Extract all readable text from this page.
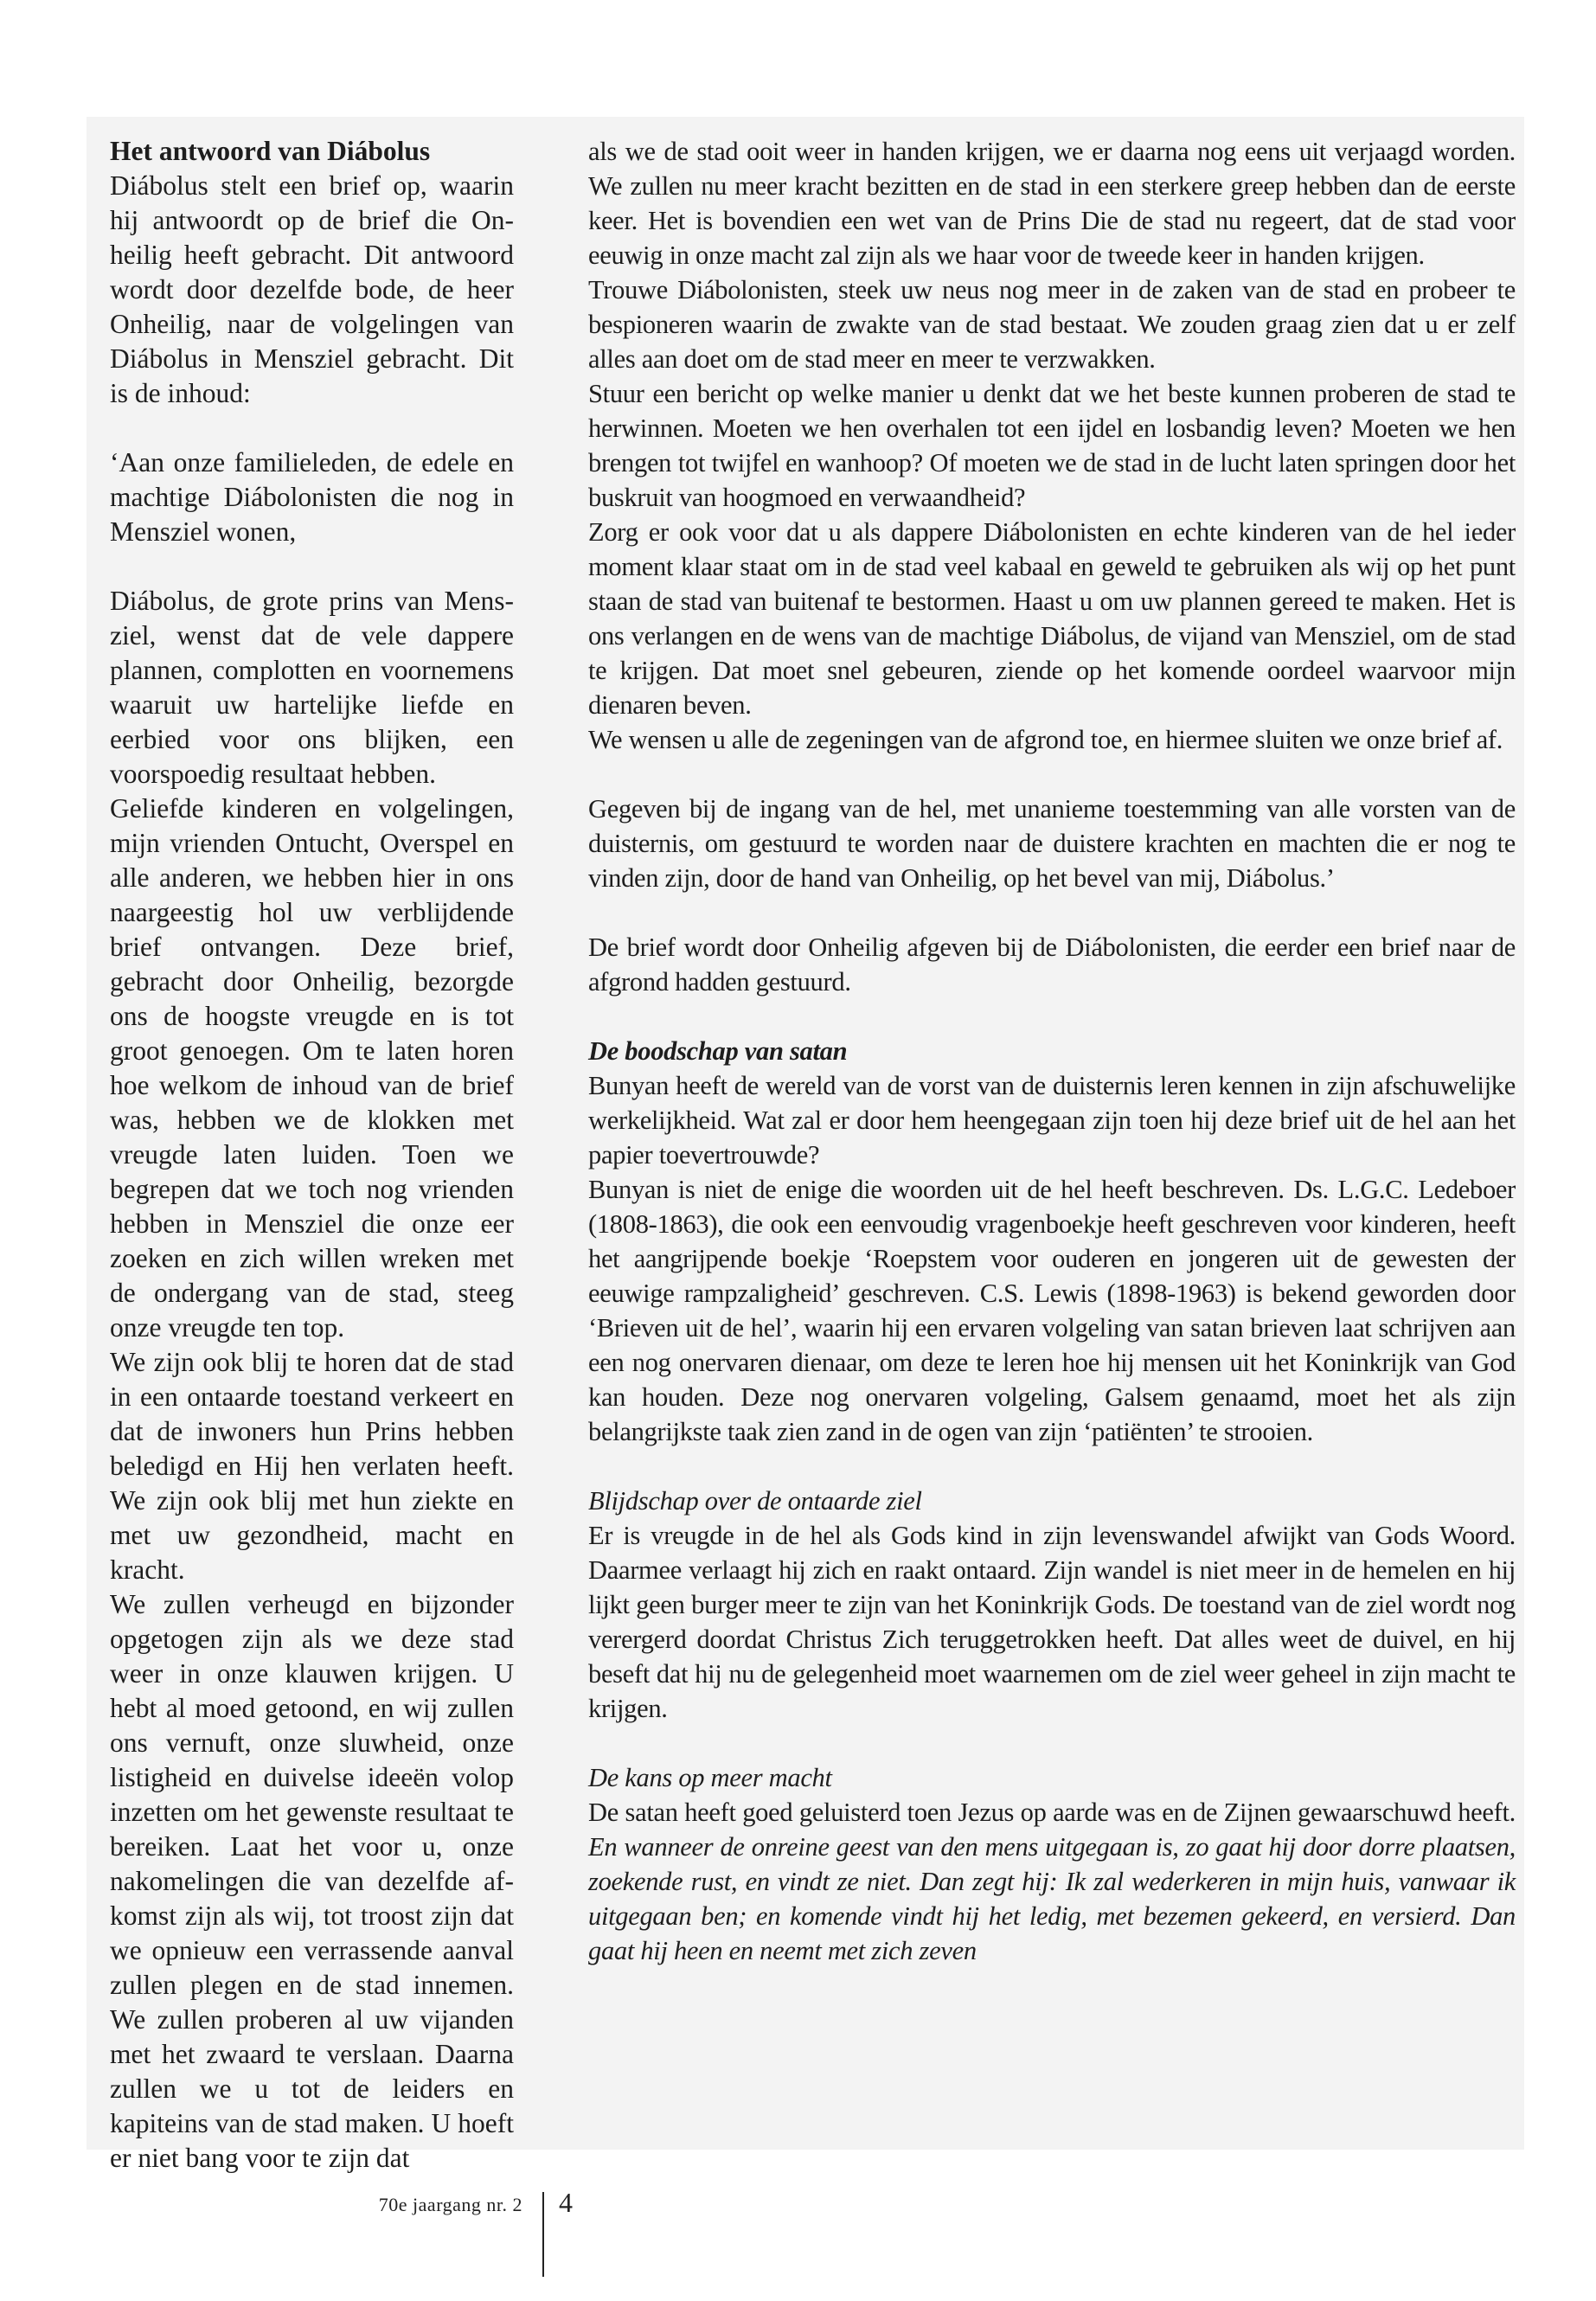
Het antwoord van Diábolus

Diábolus stelt een brief op, waarin hij antwoordt op de brief die Onheilig heeft gebracht. Dit antwoord wordt door dezelfde bode, de heer Onheilig, naar de volgelingen van Diábolus in Mensziel gebracht. Dit is de inhoud:

‘Aan onze familieleden, de edele en machtige Diábolonisten die nog in Mensziel wonen,

Diábolus, de grote prins van Mensziel, wenst dat de vele dappere plannen, complotten en voornemens waaruit uw hartelijke liefde en eerbied voor ons blijken, een voorspoedig resultaat hebben.

Geliefde kinderen en volgelingen, mijn vrienden Ontucht, Overspel en alle anderen, we hebben hier in ons naargeestig hol uw verblijdende brief ontvangen. Deze brief, gebracht door Onheilig, bezorgde ons de hoogste vreugde en is tot groot genoegen. Om te laten horen hoe welkom de inhoud van de brief was, hebben we de klokken met vreugde laten luiden. Toen we begrepen dat we toch nog vrienden hebben in Mensziel die onze eer zoeken en zich willen wreken met de ondergang van de stad, steeg onze vreugde ten top.

We zijn ook blij te horen dat de stad in een ontaarde toestand verkeert en dat de inwoners hun Prins hebben beledigd en Hij hen verlaten heeft. We zijn ook blij met hun ziekte en met uw gezondheid, macht en kracht.

We zullen verheugd en bijzonder opgetogen zijn als we deze stad weer in onze klauwen krijgen. U hebt al moed getoond, en wij zullen ons vernuft, onze sluwheid, onze listigheid en duivelse ideeën volop inzetten om het gewenste resultaat te bereiken. Laat het voor u, onze nakomelingen die van dezelfde afkomst zijn als wij, tot troost zijn dat we opnieuw een verrassende aanval zullen plegen en de stad innemen. We zullen proberen al uw vijanden met het zwaard te verslaan. Daarna zullen we u tot de leiders en kapiteins van de stad maken. U hoeft er niet bang voor te zijn dat

als we de stad ooit weer in handen krijgen, we er daarna nog eens uit verjaagd worden. We zullen nu meer kracht bezitten en de stad in een sterkere greep hebben dan de eerste keer. Het is bovendien een wet van de Prins Die de stad nu regeert, dat de stad voor eeuwig in onze macht zal zijn als we haar voor de tweede keer in handen krijgen.

Trouwe Diábolonisten, steek uw neus nog meer in de zaken van de stad en probeer te bespioneren waarin de zwakte van de stad bestaat. We zouden graag zien dat u er zelf alles aan doet om de stad meer en meer te verzwakken.

Stuur een bericht op welke manier u denkt dat we het beste kunnen proberen de stad te herwinnen. Moeten we hen overhalen tot een ijdel en losbandig leven? Moeten we hen brengen tot twijfel en wanhoop? Of moeten we de stad in de lucht laten springen door het buskruit van hoogmoed en verwaandheid?

Zorg er ook voor dat u als dappere Diábolonisten en echte kinderen van de hel ieder moment klaar staat om in de stad veel kabaal en geweld te gebruiken als wij op het punt staan de stad van buitenaf te bestormen. Haast u om uw plannen gereed te maken. Het is ons verlangen en de wens van de machtige Diábolus, de vijand van Mensziel, om de stad te krijgen. Dat moet snel gebeuren, ziende op het komende oordeel waarvoor mijn dienaren beven.

We wensen u alle de zegeningen van de afgrond toe, en hiermee sluiten we onze brief af.

Gegeven bij de ingang van de hel, met unanieme toestemming van alle vorsten van de duisternis, om gestuurd te worden naar de duistere krachten en machten die er nog te vinden zijn, door de hand van Onheilig, op het bevel van mij, Diábolus.’

De brief wordt door Onheilig afgeven bij de Diábolonisten, die eerder een brief naar de afgrond hadden gestuurd.

De boodschap van satan

Bunyan heeft de wereld van de vorst van de duisternis leren kennen in zijn afschuwelijke werkelijkheid. Wat zal er door hem heengegaan zijn toen hij deze brief uit de hel aan het papier toevertrouwde?

Bunyan is niet de enige die woorden uit de hel heeft beschreven. Ds. L.G.C. Ledeboer (1808-1863), die ook een eenvoudig vragenboekje heeft geschreven voor kinderen, heeft het aangrijpende boekje ‘Roepstem voor ouderen en jongeren uit de gewesten der eeuwige rampzaligheid’ geschreven. C.S. Lewis (1898-1963) is bekend geworden door ‘Brieven uit de hel’, waarin hij een ervaren volgeling van satan brieven laat schrijven aan een nog onervaren dienaar, om deze te leren hoe hij mensen uit het Koninkrijk van God kan houden. Deze nog onervaren volgeling, Galsem genaamd, moet het als zijn belangrijkste taak zien zand in de ogen van zijn ‘patiënten’ te strooien.

Blijdschap over de ontaarde ziel

Er is vreugde in de hel als Gods kind in zijn levenswandel afwijkt van Gods Woord. Daarmee verlaagt hij zich en raakt ontaard. Zijn wandel is niet meer in de hemelen en hij lijkt geen burger meer te zijn van het Koninkrijk Gods. De toestand van de ziel wordt nog verergerd doordat Christus Zich teruggetrokken heeft. Dat alles weet de duivel, en hij beseft dat hij nu de gelegenheid moet waarnemen om de ziel weer geheel in zijn macht te krijgen.

De kans op meer macht

De satan heeft goed geluisterd toen Jezus op aarde was en de Zijnen gewaarschuwd heeft. En wanneer de onreine geest van den mens uitgegaan is, zo gaat hij door dorre plaatsen, zoekende rust, en vindt ze niet. Dan zegt hij: Ik zal wederkeren in mijn huis, vanwaar ik uitgegaan ben; en komende vindt hij het ledig, met bezemen gekeerd, en versierd. Dan gaat hij heen en neemt met zich zeven

70e jaargang nr. 2 4
